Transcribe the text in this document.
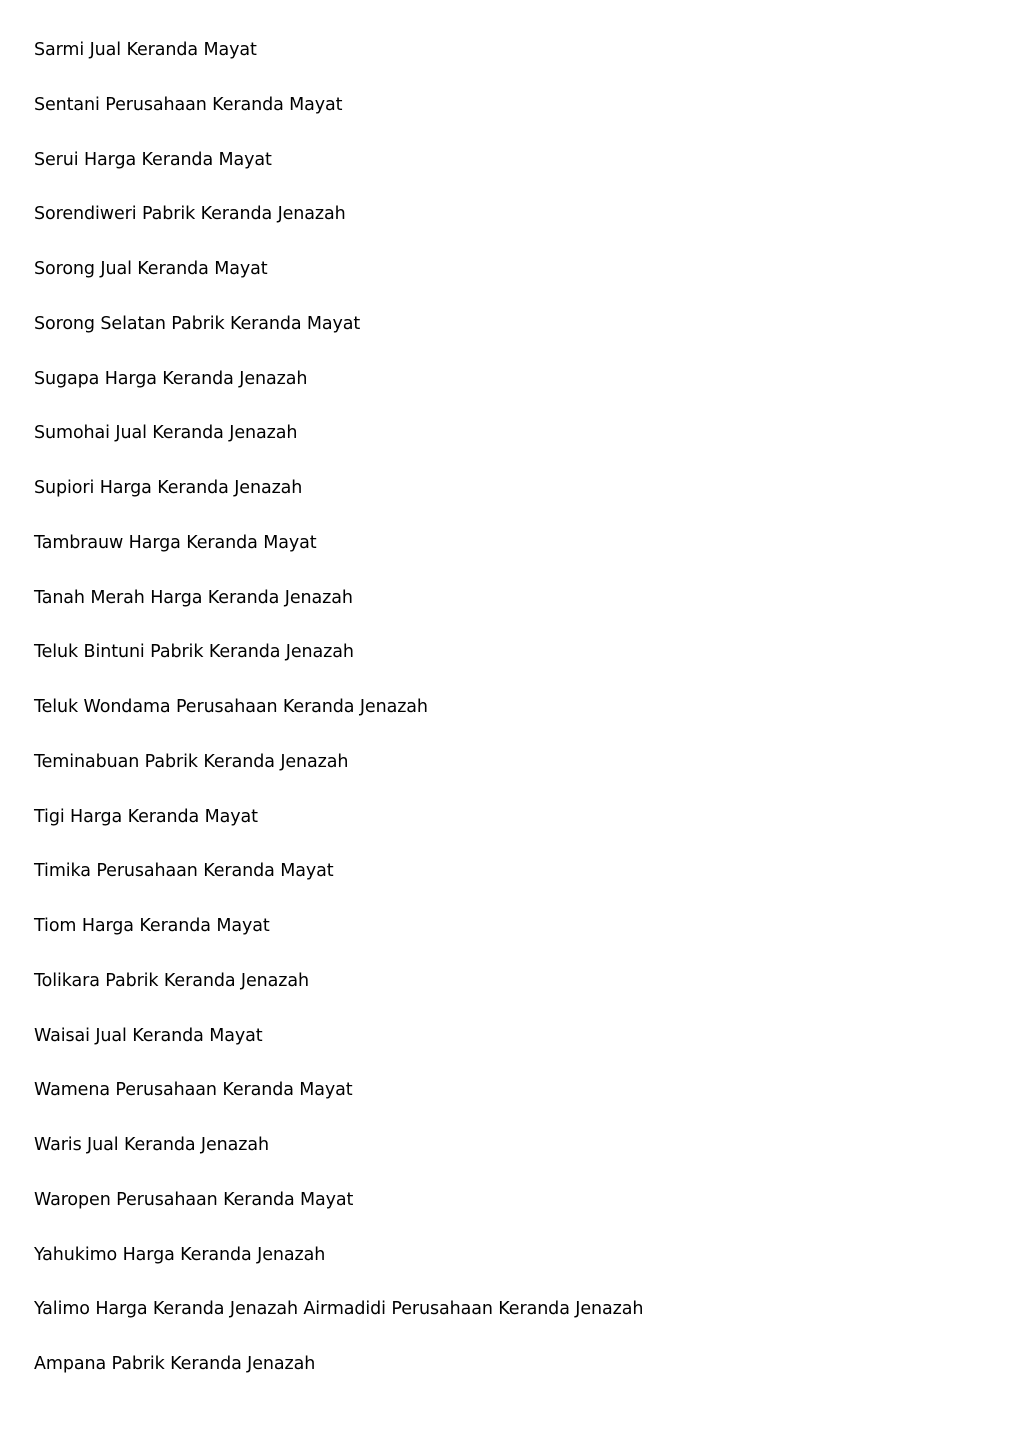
Sarmi Jual Keranda Mayat
Sentani Perusahaan Keranda Mayat
Serui Harga Keranda Mayat
Sorendiweri Pabrik Keranda Jenazah
Sorong Jual Keranda Mayat
Sorong Selatan Pabrik Keranda Mayat
Sugapa Harga Keranda Jenazah
Sumohai Jual Keranda Jenazah
Supiori Harga Keranda Jenazah
Tambrauw Harga Keranda Mayat
Tanah Merah Harga Keranda Jenazah
Teluk Bintuni Pabrik Keranda Jenazah
Teluk Wondama Perusahaan Keranda Jenazah
Teminabuan Pabrik Keranda Jenazah
Tigi Harga Keranda Mayat
Timika Perusahaan Keranda Mayat
Tiom Harga Keranda Mayat
Tolikara Pabrik Keranda Jenazah
Waisai Jual Keranda Mayat
Wamena Perusahaan Keranda Mayat
Waris Jual Keranda Jenazah
Waropen Perusahaan Keranda Mayat
Yahukimo Harga Keranda Jenazah
Yalimo Harga Keranda Jenazah Airmadidi Perusahaan Keranda Jenazah
Ampana Pabrik Keranda Jenazah
